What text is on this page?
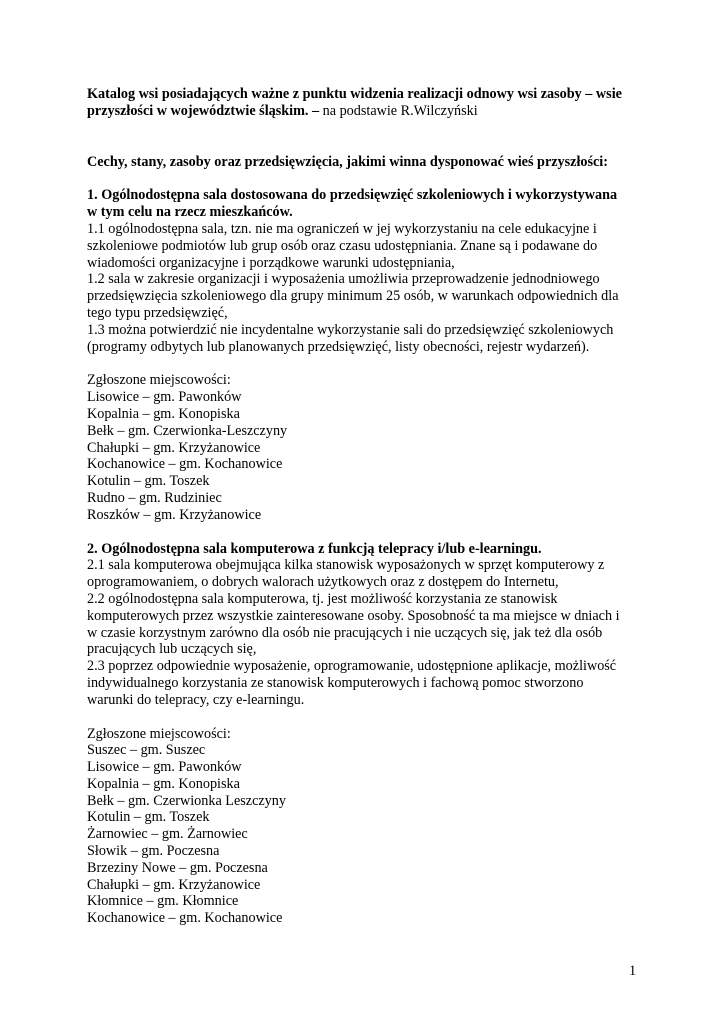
Katalog wsi posiadających ważne z punktu widzenia realizacji odnowy wsi zasoby – wsie
przyszłości w województwie śląskim. – na podstawie R.Wilczyński
Cechy, stany, zasoby oraz przedsięwzięcia, jakimi winna dysponować wieś przyszłości:
1. Ogólnodostępna sala dostosowana do przedsięwzięć szkoleniowych i wykorzystywana
w tym celu na rzecz mieszkańców.
1.1 ogólnodostępna sala, tzn. nie ma ograniczeń w jej wykorzystaniu na cele edukacyjne i
szkoleniowe podmiotów lub grup osób oraz czasu udostępniania. Znane są i podawane do
wiadomości organizacyjne i porządkowe warunki udostępniania,
1.2 sala w zakresie organizacji i wyposażenia umożliwia przeprowadzenie jednodniowego
przedsięwzięcia szkoleniowego dla grupy minimum 25 osób, w warunkach odpowiednich dla
tego typu przedsięwzięć,
1.3 można potwierdzić nie incydentalne wykorzystanie sali do przedsięwzięć szkoleniowych
(programy odbytych lub planowanych przedsięwzięć, listy obecności, rejestr wydarzeń).
Zgłoszone miejscowości:
Lisowice – gm. Pawonków
Kopalnia – gm. Konopiska
Bełk – gm. Czerwionka-Leszczyny
Chałupki – gm. Krzyżanowice
Kochanowice – gm. Kochanowice
Kotulin – gm. Toszek
Rudno – gm. Rudziniec
Roszków – gm. Krzyżanowice
2. Ogólnodostępna sala komputerowa z funkcją telepracy i/lub e-learningu.
2.1 sala komputerowa obejmująca kilka stanowisk wyposażonych w sprzęt komputerowy z
oprogramowaniem, o dobrych walorach użytkowych oraz z dostępem do Internetu,
2.2 ogólnodostępna sala komputerowa, tj. jest możliwość korzystania ze stanowisk
komputerowych przez wszystkie zainteresowane osoby. Sposobność ta ma miejsce w dniach i
w czasie korzystnym zarówno dla osób nie pracujących i nie uczących się, jak też dla osób
pracujących lub uczących się,
2.3 poprzez odpowiednie wyposażenie, oprogramowanie, udostępnione aplikacje, możliwość
indywidualnego korzystania ze stanowisk komputerowych i fachową pomoc stworzono
warunki do telepracy, czy e-learningu.
Zgłoszone miejscowości:
Suszec – gm. Suszec
Lisowice – gm. Pawonków
Kopalnia – gm. Konopiska
Bełk – gm. Czerwionka Leszczyny
Kotulin – gm. Toszek
Żarnowiec – gm. Żarnowiec
Słowik – gm. Poczesna
Brzeziny Nowe – gm. Poczesna
Chałupki – gm. Krzyżanowice
Kłomnice – gm. Kłomnice
Kochanowice – gm. Kochanowice
1
